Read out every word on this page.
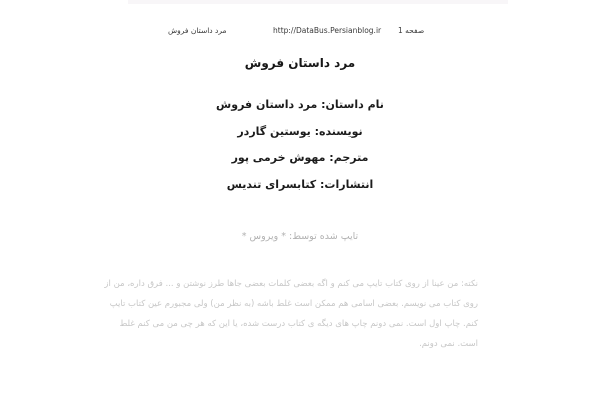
مرد داستان فروش	http://DataBus.Persianblog.ir صفحه 1
مرد داستان فروش
نام داستان: مرد داستان فروش
نویسنده: یوستین گاردر
مترجم: مهوش خرمی پور
انتشارات: کتابسرای تندیس
تایپ شده توسط: * ویروس *
نکته: من عینا از روی کتاب تایپ می کنم و اگه بعضی کلمات بعضی جاها طرز نوشتن و ... فرق داره، من از
روی کتاب می نویسم. بعضی اسامی هم ممکن است غلط باشه (به نظر من) ولی مجبورم عین کتاب تایپ
کنم. چاپ اول است. نمی دونم چاپ های دیگه ی کتاب درست شده، یا این که هر چی من می کنم غلط
است. نمی دونم.
